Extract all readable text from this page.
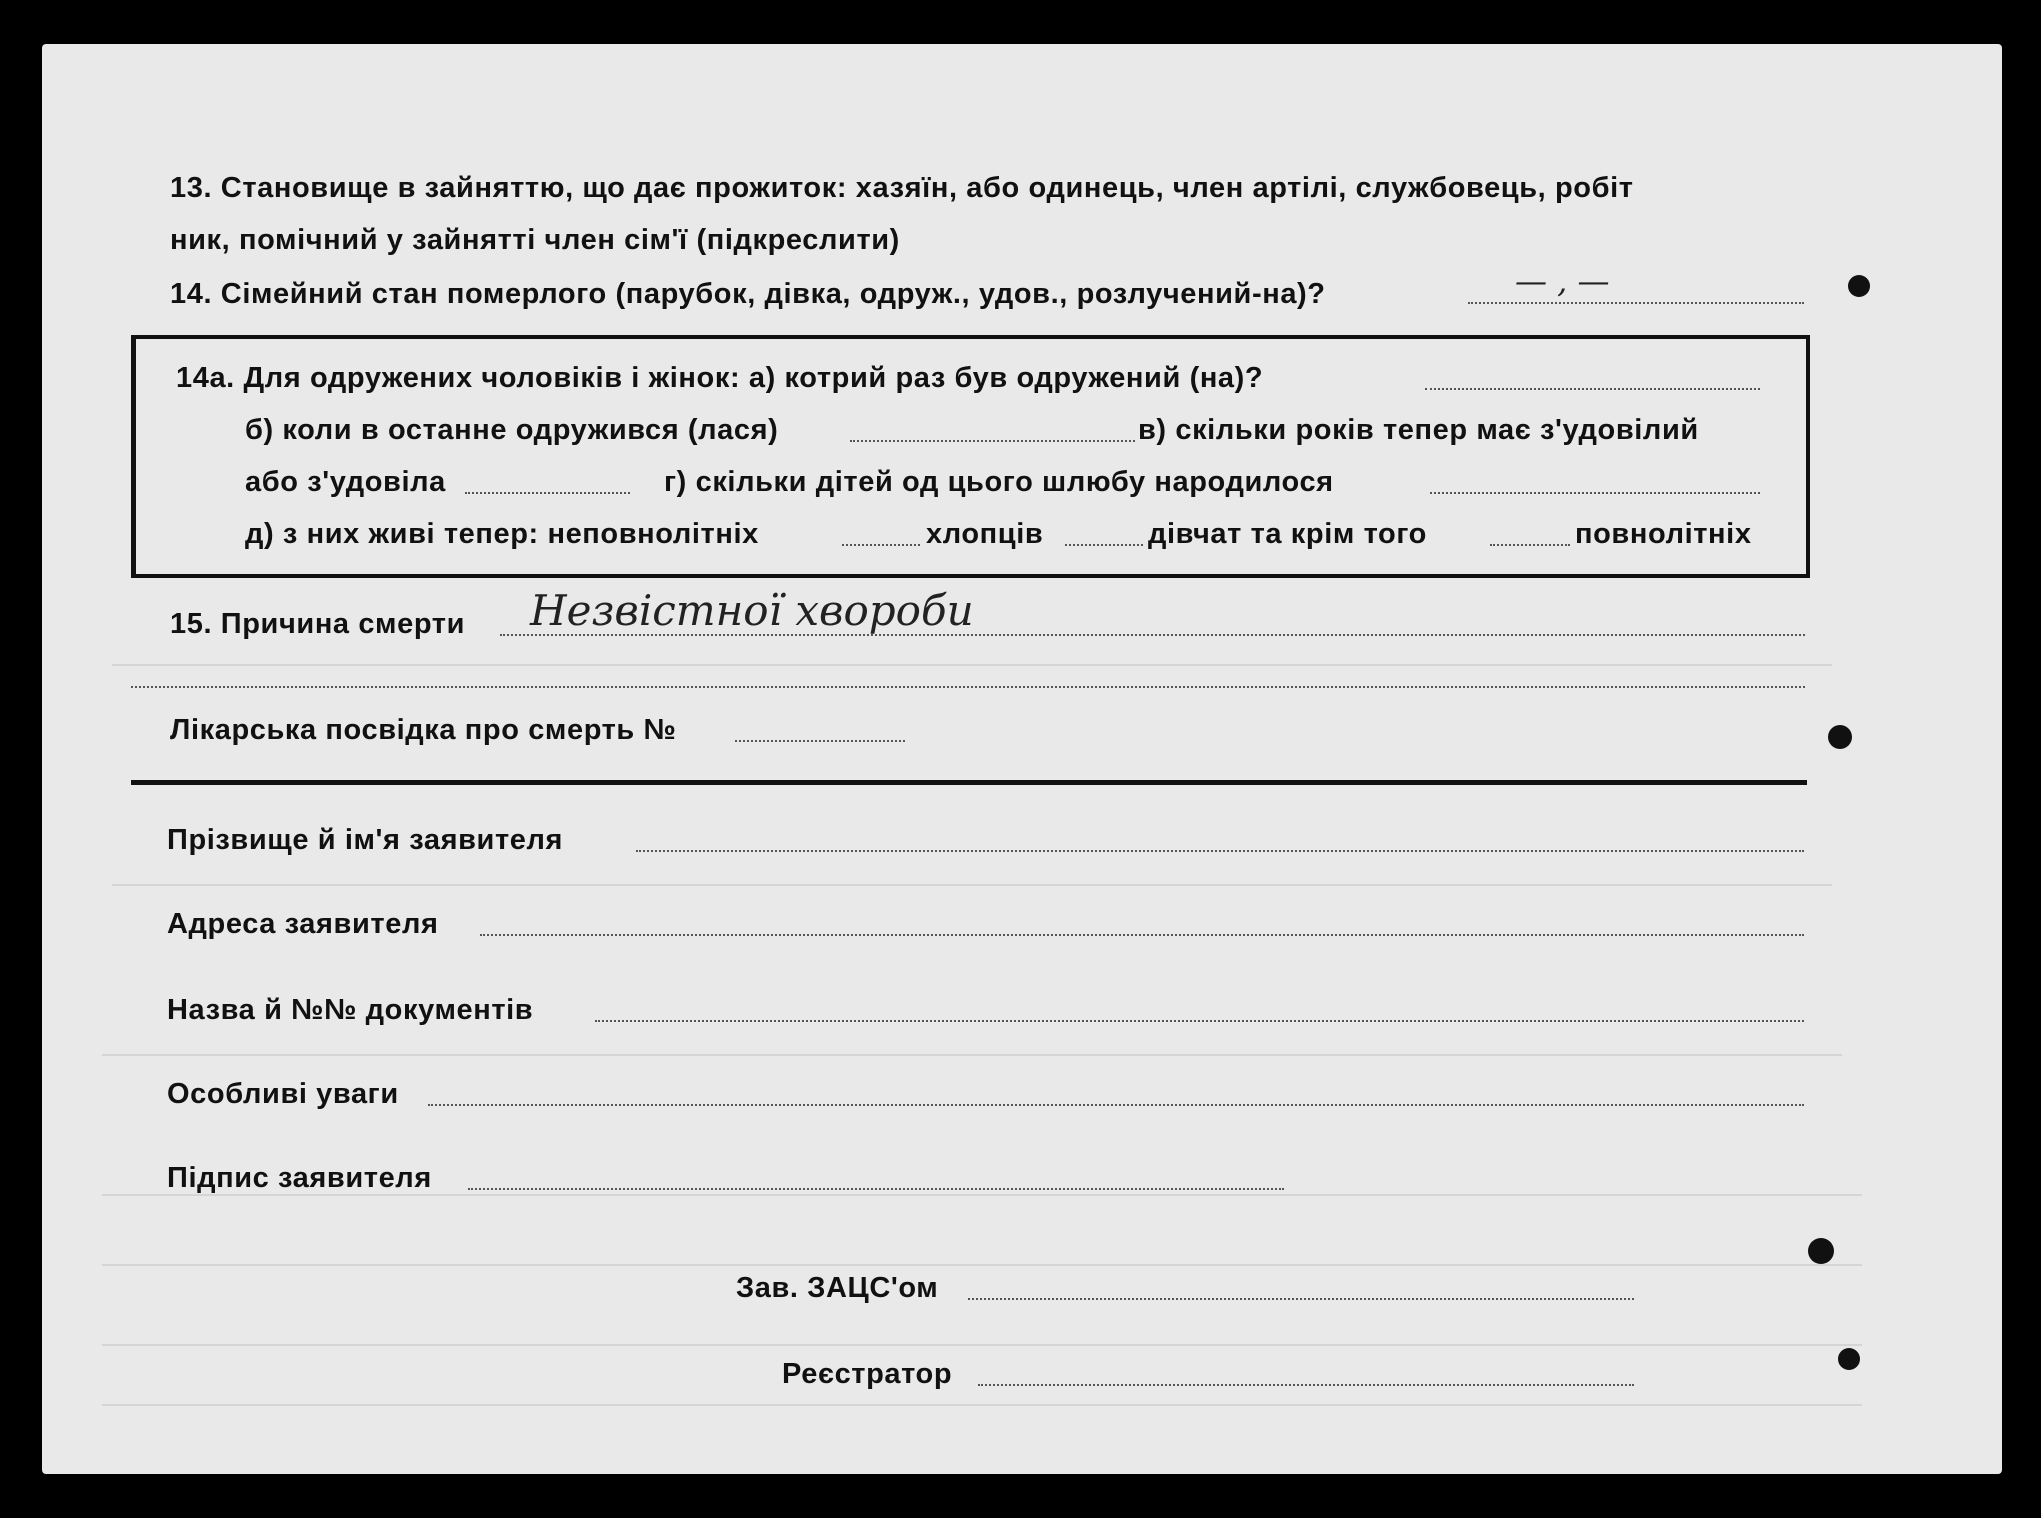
13. Становище в зайняттю, що дає прожиток: хазяїн, або одинець, член артілі, службовець, робіт
ник, помічний у зайнятті член сім'ї (підкреслити)
14. Сімейний стан померлого (парубок, дівка, одруж., удов., розлучений-на)?	— , —
14а. Для одружених чоловіків і жінок: а) котрий раз був одружений (на)?
б) коли в останне одружився (лася)	в) скільки років тепер має з'удовілий
або з'удовіла	г) скільки дітей од цього шлюбу народилося
д) з них живі тепер: неповнолітніх	хлопців	дівчат та крім того	повнолітніх
15. Причина смерти Незвістної хвороби
Лікарська посвідка про смерть №
Прізвище й ім'я заявителя
Адреса заявителя
Назва й №№ документів
Особливі уваги
Підпис заявителя
Зав. ЗАЦС'ом
Реєстратор
